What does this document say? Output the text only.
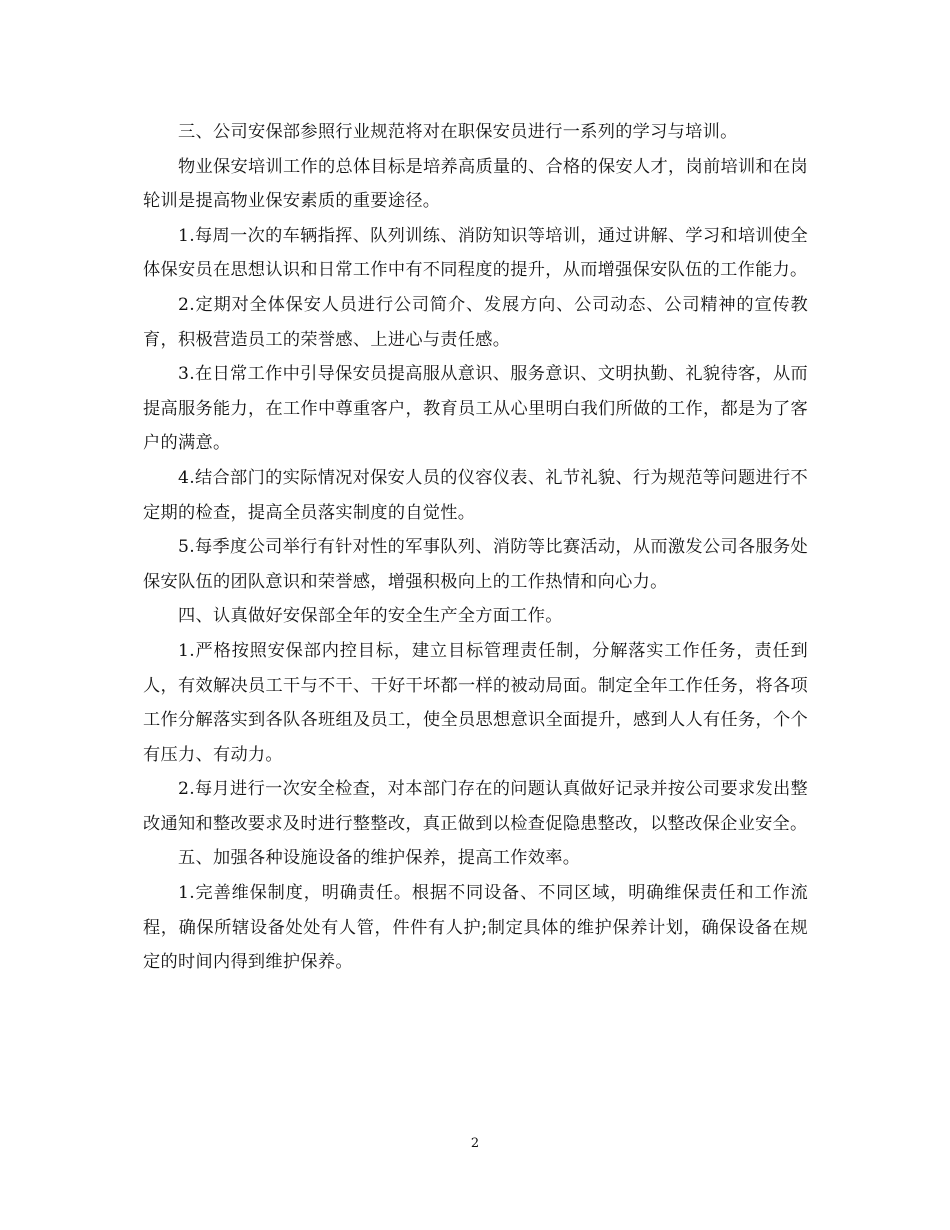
三、公司安保部参照行业规范将对在职保安员进行一系列的学习与培训。

物业保安培训工作的总体目标是培养高质量的、合格的保安人才，岗前培训和在岗轮训是提高物业保安素质的重要途径。

1.每周一次的车辆指挥、队列训练、消防知识等培训，通过讲解、学习和培训使全体保安员在思想认识和日常工作中有不同程度的提升，从而增强保安队伍的工作能力。

2.定期对全体保安人员进行公司简介、发展方向、公司动态、公司精神的宣传教育，积极营造员工的荣誉感、上进心与责任感。

3.在日常工作中引导保安员提高服从意识、服务意识、文明执勤、礼貌待客，从而提高服务能力，在工作中尊重客户，教育员工从心里明白我们所做的工作，都是为了客户的满意。

4.结合部门的实际情况对保安人员的仪容仪表、礼节礼貌、行为规范等问题进行不定期的检查，提高全员落实制度的自觉性。

5.每季度公司举行有针对性的军事队列、消防等比赛活动，从而激发公司各服务处保安队伍的团队意识和荣誉感，增强积极向上的工作热情和向心力。

四、认真做好安保部全年的安全生产全方面工作。

1.严格按照安保部内控目标，建立目标管理责任制，分解落实工作任务，责任到人，有效解决员工干与不干、干好干坏都一样的被动局面。制定全年工作任务，将各项工作分解落实到各队各班组及员工，使全员思想意识全面提升，感到人人有任务，个个有压力、有动力。

2.每月进行一次安全检查，对本部门存在的问题认真做好记录并按公司要求发出整改通知和整改要求及时进行整整改，真正做到以检查促隐患整改，以整改保企业安全。

五、加强各种设施设备的维护保养，提高工作效率。

1.完善维保制度，明确责任。根据不同设备、不同区域，明确维保责任和工作流程，确保所辖设备处处有人管，件件有人护;制定具体的维护保养计划，确保设备在规定的时间内得到维护保养。

2
